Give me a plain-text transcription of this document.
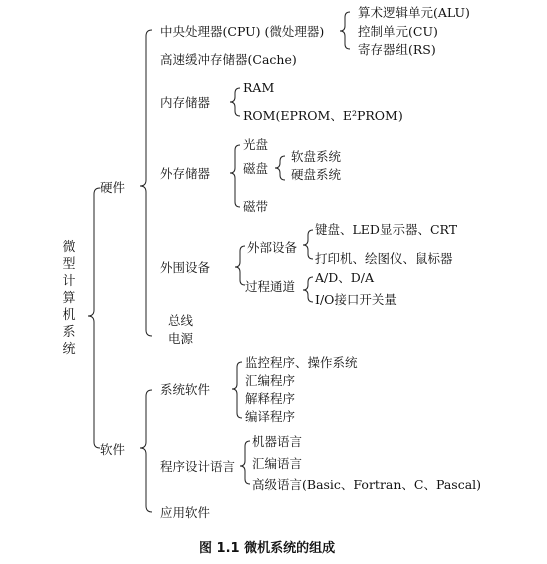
微型计算机系统
硬件
软件
中央处理器(CPU) (微处理器)
算术逻辑单元(ALU)
控制单元(CU)
寄存器组(RS)
高速缓冲存储器(Cache)
内存储器
RAM
ROM(EPROM、E²PROM)
外存储器
光盘
磁盘
软盘系统
硬盘系统
磁带
外围设备
外部设备
键盘、LED显示器、CRT
打印机、绘图仪、鼠标器
过程通道
A/D、D/A
I/O接口开关量
总线
电源
系统软件
监控程序、操作系统
汇编程序
解释程序
编译程序
程序设计语言
机器语言
汇编语言
高级语言(Basic、Fortran、C、Pascal)
应用软件
图 1.1 微机系统的组成
